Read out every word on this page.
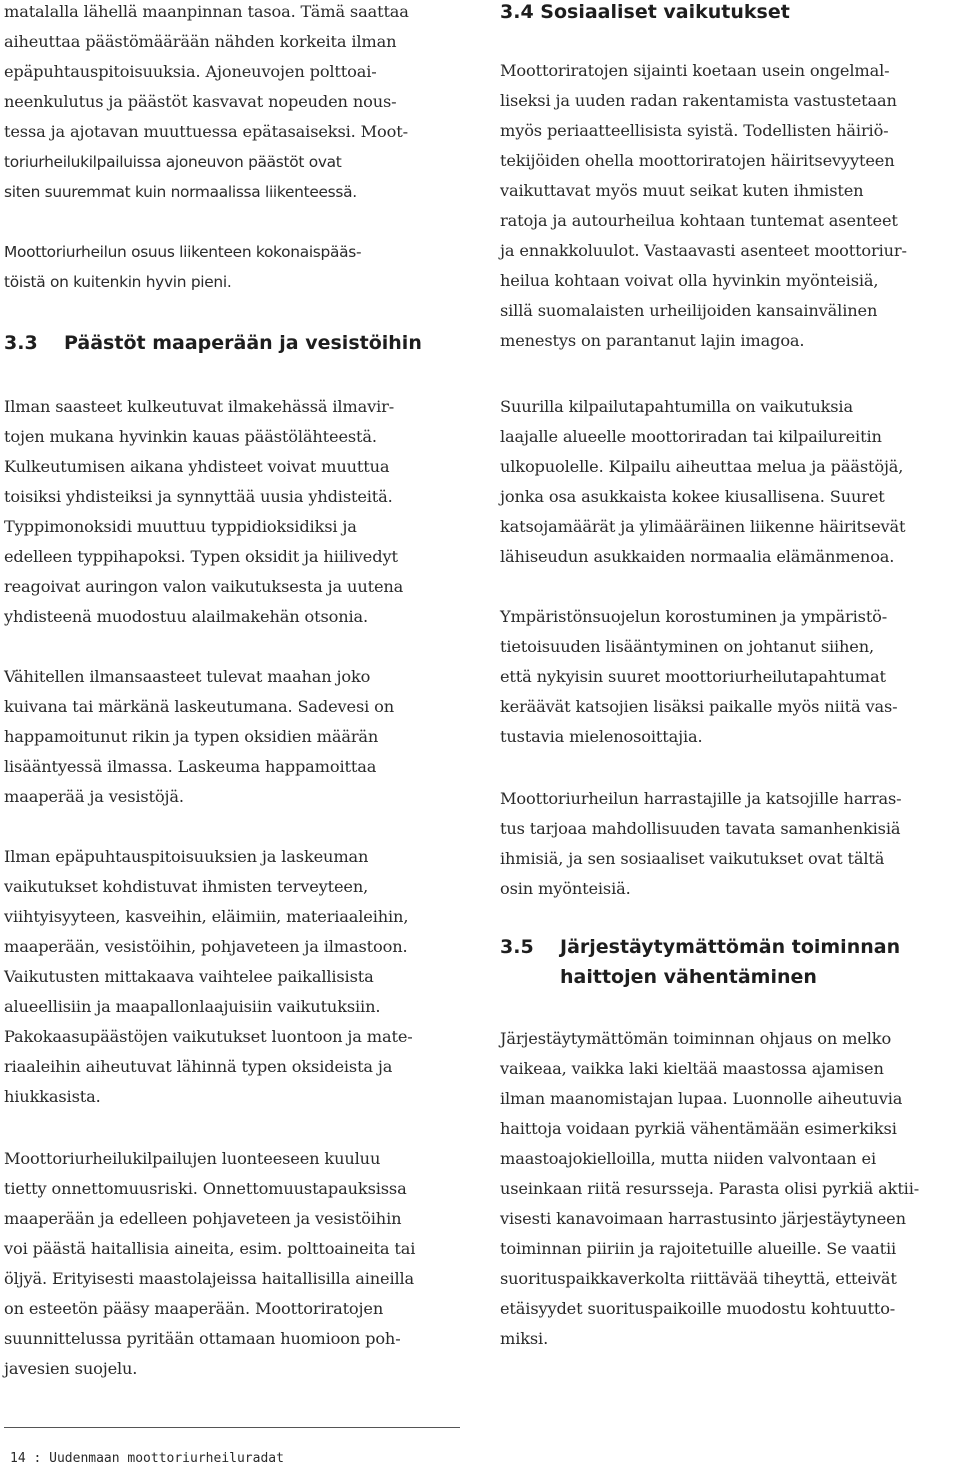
matalalla lähellä maanpinnan tasoa. Tämä saattaa
aiheuttaa päästömäärään nähden korkeita ilman
epäpuhtauspitoisuuksia. Ajoneuvojen polttoai-
neenkulutus ja päästöt kasvavat nopeuden nous-
tessa ja ajotavan muuttuessa epätasaiseksi. Moot-
toriurheilukilpailuissa ajoneuvon päästöt ovat
siten suuremmat kuin normaalissa liikenteessä.
Moottoriurheilun osuus liikenteen kokonaispääs-
töistä on kuitenkin hyvin pieni.
3.3 Päästöt maaperään ja vesistöihin
Ilman saasteet kulkeutuvat ilmakehässä ilmavir-
tojen mukana hyvinkin kauas päästölähteestä.
Kulkeutumisen aikana yhdisteet voivat muuttua
toisiksi yhdisteiksi ja synnyttää uusia yhdisteitä.
Typpimonoksidi muuttuu typpidioksidiksi ja
edelleen typpihapoksi. Typen oksidit ja hiilivedyt
reagoivat auringon valon vaikutuksesta ja uutena
yhdisteenä muodostuu alailmakehän otsonia.
Vähitellen ilmansaasteet tulevat maahan joko
kuivana tai märkänä laskeutumana. Sadevesi on
happamoitunut rikin ja typen oksidien määrän
lisääntyessä ilmassa. Laskeuma happamoittaa
maaperää ja vesistöjä.
Ilman epäpuhtauspitoisuuksien ja laskeuman
vaikutukset kohdistuvat ihmisten terveyteen,
viihtyisyyteen, kasveihin, eläimiin, materiaaleihin,
maaperään, vesistöihin, pohjaveteen ja ilmastoon.
Vaikutusten mittakaava vaihtelee paikallisista
alueellisiin ja maapallonlaajuisiin vaikutuksiin.
Pakokaasupäästöjen vaikutukset luontoon ja mate-
riaaleihin aiheutuvat lähinnä typen oksideista ja
hiukkasista.
Moottoriurheilukilpailujen luonteeseen kuuluu
tietty onnettomuusriski. Onnettomuustapauksissa
maaperään ja edelleen pohjaveteen ja vesistöihin
voi päästä haitallisia aineita, esim. polttoaineita tai
öljyä. Erityisesti maastolajeissa haitallisilla aineilla
on esteetön pääsy maaperään. Moottoriratojen
suunnittelussa pyritään ottamaan huomioon poh-
javesien suojelu.
14 : Uudenmaan moottoriurheiluradat
3.4 Sosiaaliset vaikutukset
Moottoriratojen sijainti koetaan usein ongelmal-
liseksi ja uuden radan rakentamista vastustetaan
myös periaatteellisista syistä. Todellisten häiriö-
tekijöiden ohella moottoriratojen häiritsevyyteen
vaikuttavat myös muut seikat kuten ihmisten
ratoja ja autourheilua kohtaan tuntemat asenteet
ja ennakkoluulot. Vastaavasti asenteet moottoriur-
heilua kohtaan voivat olla hyvinkin myönteisiä,
sillä suomalaisten urheilijoiden kansainvälinen
menestys on parantanut lajin imagoa.
Suurilla kilpailutapahtumilla on vaikutuksia
laajalle alueelle moottoriradan tai kilpailureitin
ulkopuolelle. Kilpailu aiheuttaa melua ja päästöjä,
jonka osa asukkaista kokee kiusallisena. Suuret
katsojamäärät ja ylimääräinen liikenne häiritsevät
lähiseudun asukkaiden normaalia elämänmenoa.
Ympäristönsuojelun korostuminen ja ympäristö-
tietoisuuden lisääntyminen on johtanut siihen,
että nykyisin suuret moottoriurheilutapahtumat
keräävät katsojien lisäksi paikalle myös niitä vas-
tustavia mielenosoittajia.
Moottoriurheilun harrastajille ja katsojille harras-
tus tarjoaa mahdollisuuden tavata samanhenkisiä
ihmisiä, ja sen sosiaaliset vaikutukset ovat tältä
osin myönteisiä.
3.5 Järjestäytymättömän toiminnan
haittojen vähentäminen
Järjestäytymättömän toiminnan ohjaus on melko
vaikeaa, vaikka laki kieltää maastossa ajamisen
ilman maanomistajan lupaa. Luonnolle aiheutuvia
haittoja voidaan pyrkiä vähentämään esimerkiksi
maastoajokielloilla, mutta niiden valvontaan ei
useinkaan riitä resursseja. Parasta olisi pyrkiä aktii-
visesti kanavoimaan harrastusinto järjestäytyneen
toiminnan piiriin ja rajoitetuille alueille. Se vaatii
suorituspaikkaverkolta riittävää tiheyttä, etteivät
etäisyydet suorituspaikoille muodostu kohtuutto-
miksi.
